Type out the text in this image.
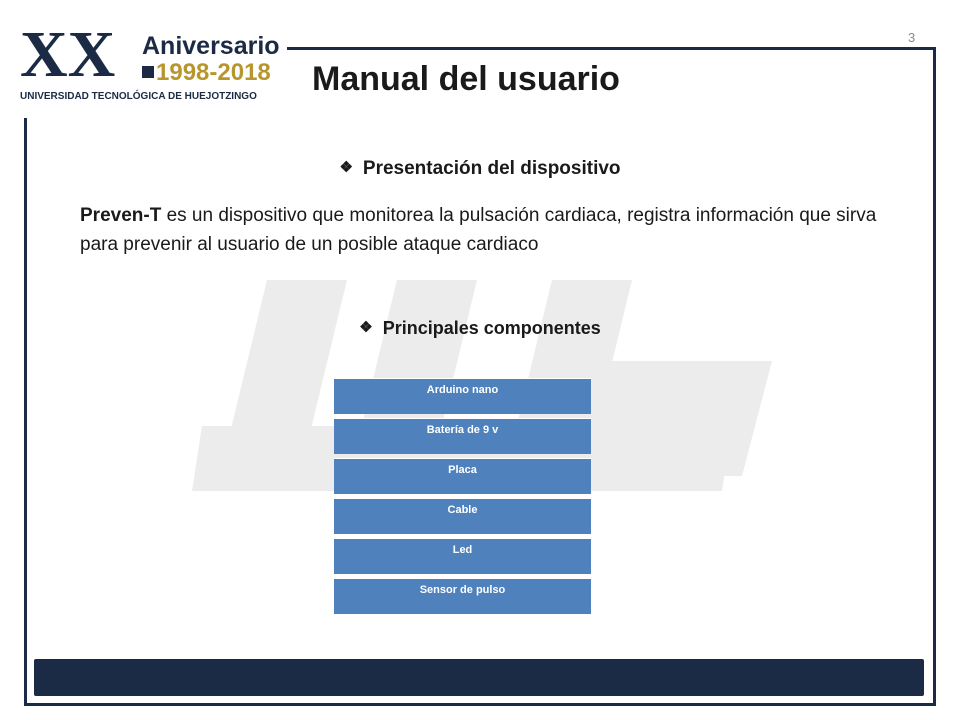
3
XX Aniversario
1998-2018
UNIVERSIDAD TECNOLÓGICA DE HUEJOTZINGO Manual del usuario
❖ Presentación del dispositivo

Preven-T es un dispositivo que monitorea la pulsación cardiaca, registra información que sirva para prevenir al usuario de un posible ataque cardiaco

❖ Principales componentes
Arduino nano
Batería de 9 v
Placa
Cable
Led
Sensor de pulso
